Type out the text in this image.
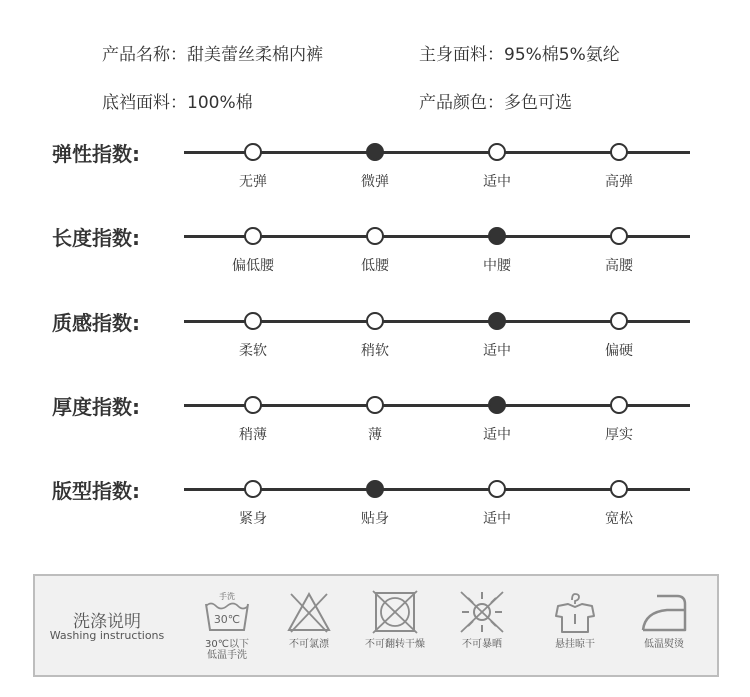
产品名称：甜美蕾丝柔棉内裤	主身面料：95%棉5%氨纶
底裆面料：100%棉	产品颜色：多色可选
弹性指数:
无弹	微弹	适中	高弹
长度指数:
偏低腰	低腰	中腰	高腰
质感指数:
柔软	稍软	适中	偏硬
厚度指数:
稍薄	薄	适中	厚实
版型指数:
紧身	贴身	适中	宽松
洗涤说明
Washing instructions
手洗
30℃
30℃以下
低温手洗
不可氯漂	不可翻转干燥	不可暴晒	悬挂晾干	低温熨烫
